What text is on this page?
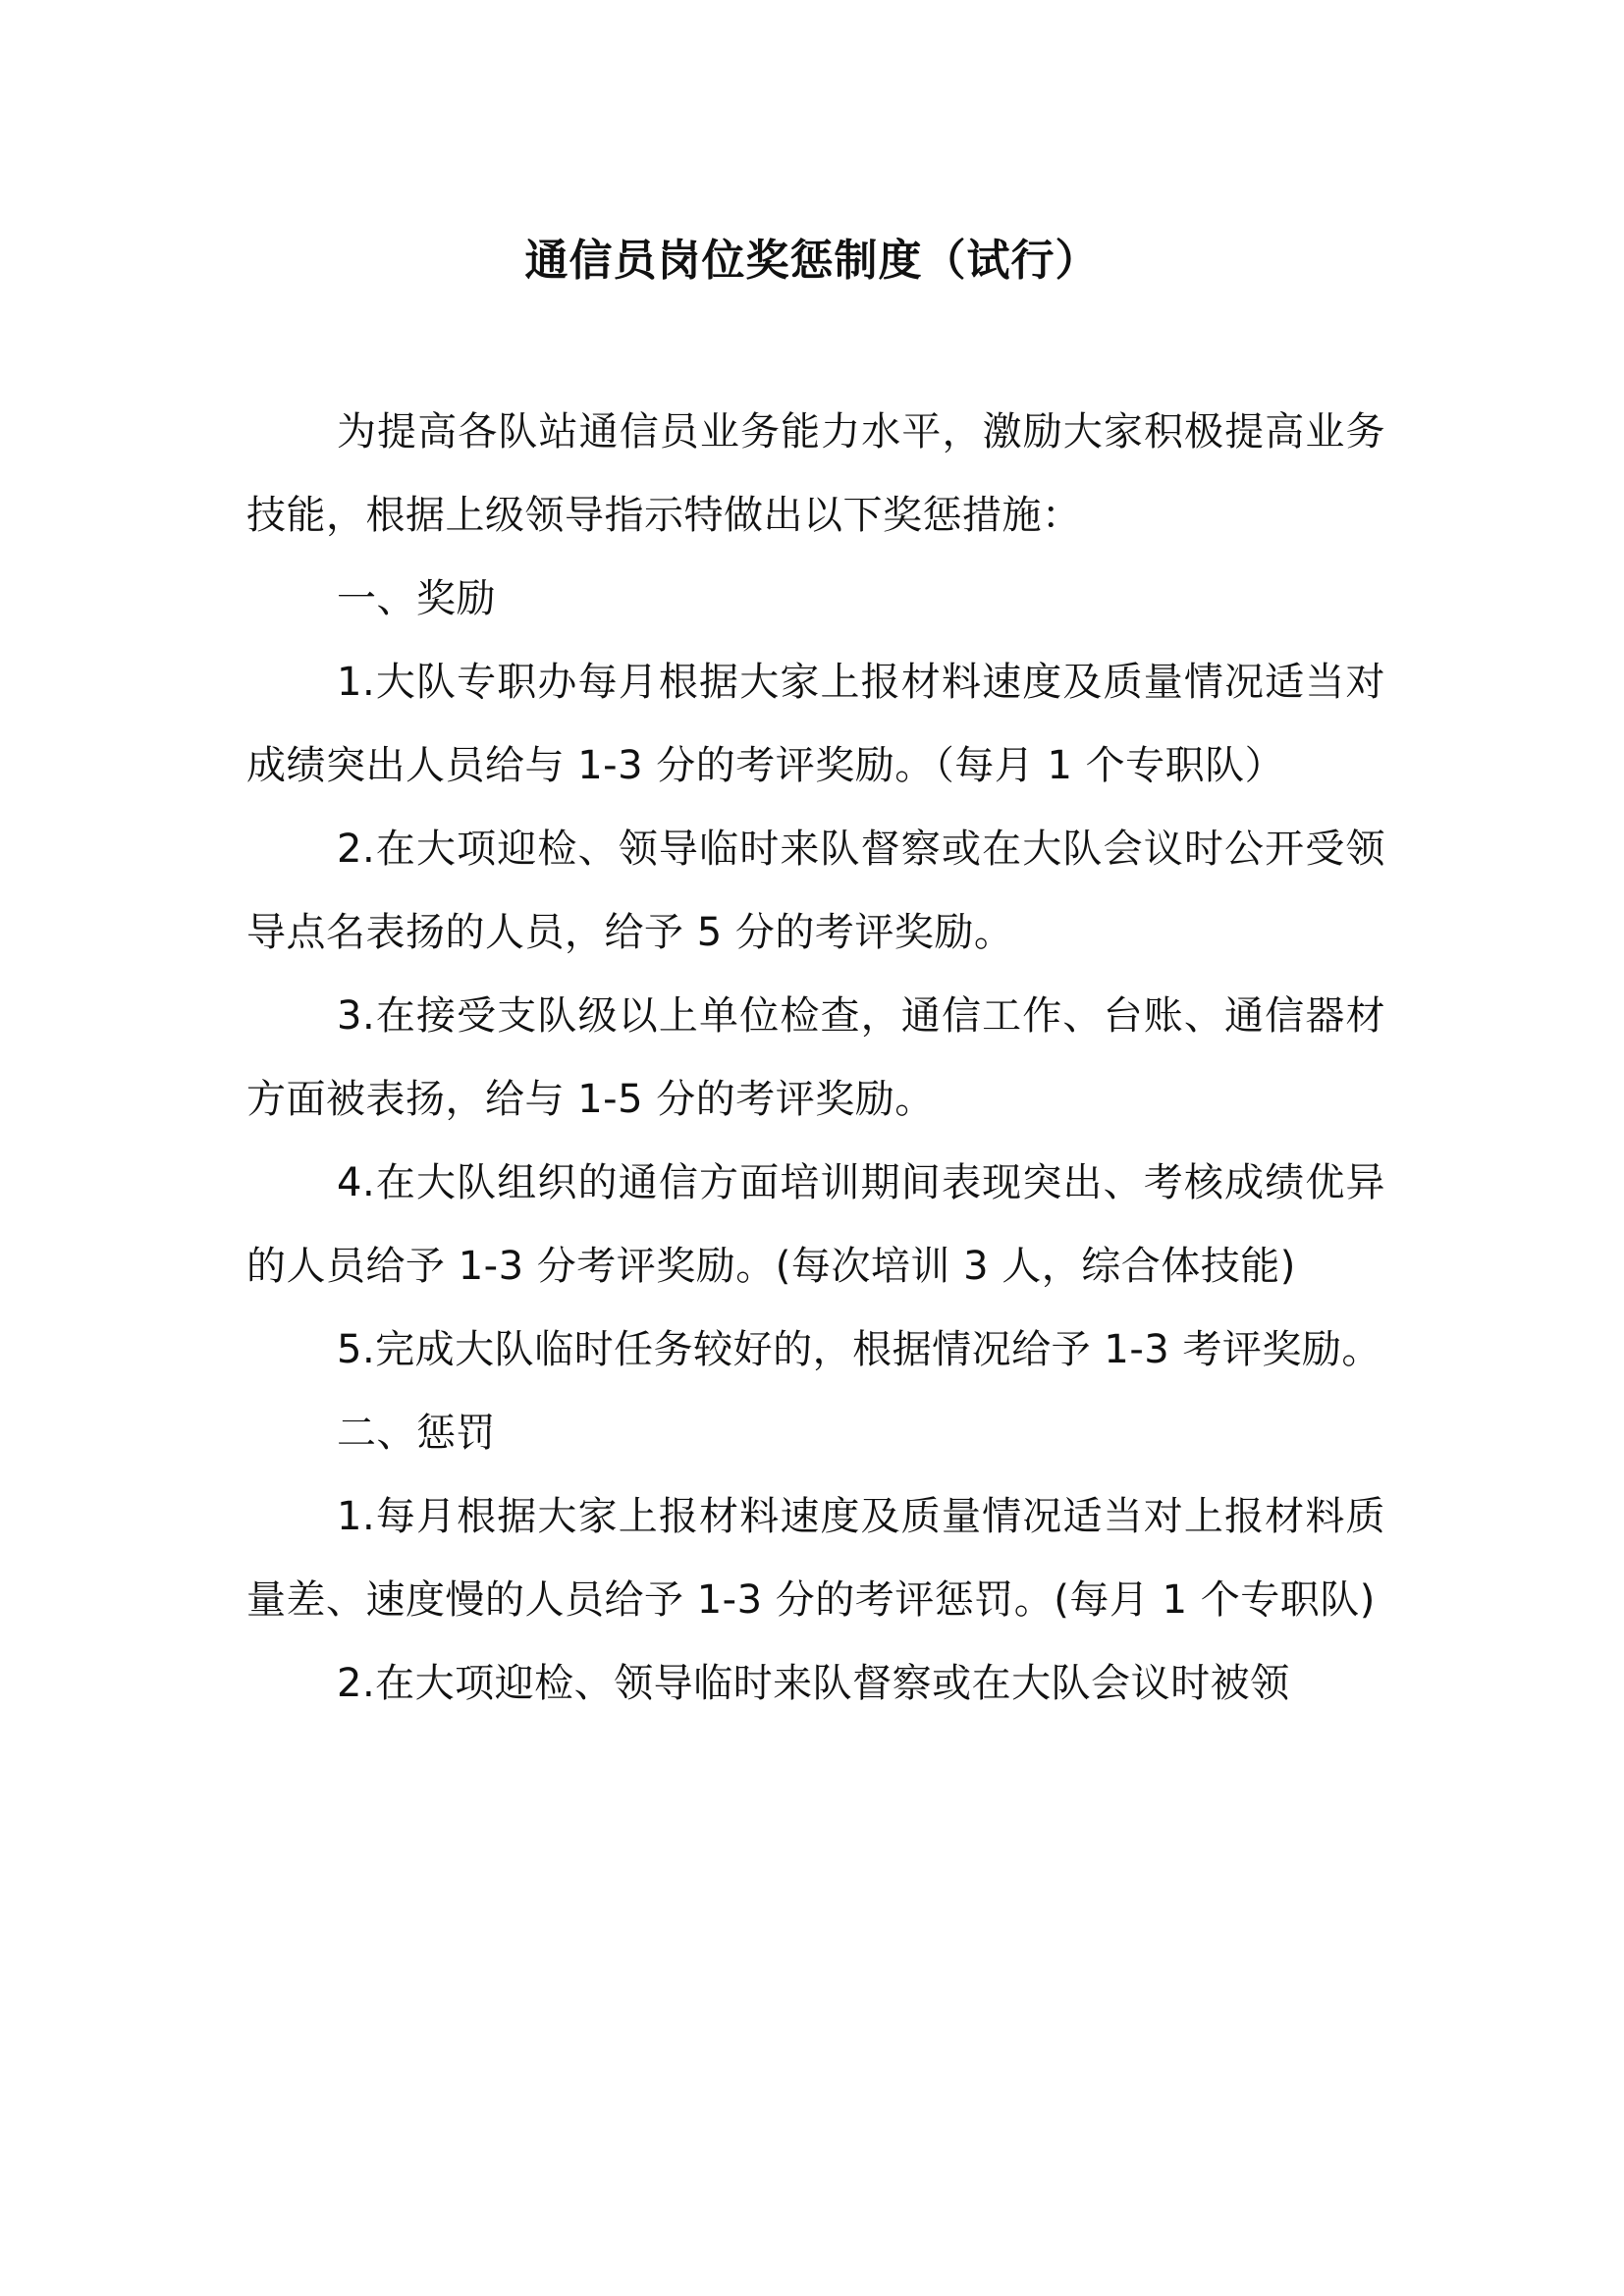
通信员岗位奖惩制度（试行）

为提高各队站通信员业务能力水平，激励大家积极提高业务技能，根据上级领导指示特做出以下奖惩措施：

一、奖励

1.大队专职办每月根据大家上报材料速度及质量情况适当对成绩突出人员给与 1-3 分的考评奖励。（每月 1 个专职队）

2.在大项迎检、领导临时来队督察或在大队会议时公开受领导点名表扬的人员，给予 5 分的考评奖励。

3.在接受支队级以上单位检查，通信工作、台账、通信器材方面被表扬，给与 1-5 分的考评奖励。

4.在大队组织的通信方面培训期间表现突出、考核成绩优异的人员给予 1-3 分考评奖励。(每次培训 3 人，综合体技能)

5.完成大队临时任务较好的，根据情况给予 1-3 考评奖励。

二、惩罚

1.每月根据大家上报材料速度及质量情况适当对上报材料质量差、速度慢的人员给予 1-3 分的考评惩罚。(每月 1 个专职队)

2.在大项迎检、领导临时来队督察或在大队会议时被领
